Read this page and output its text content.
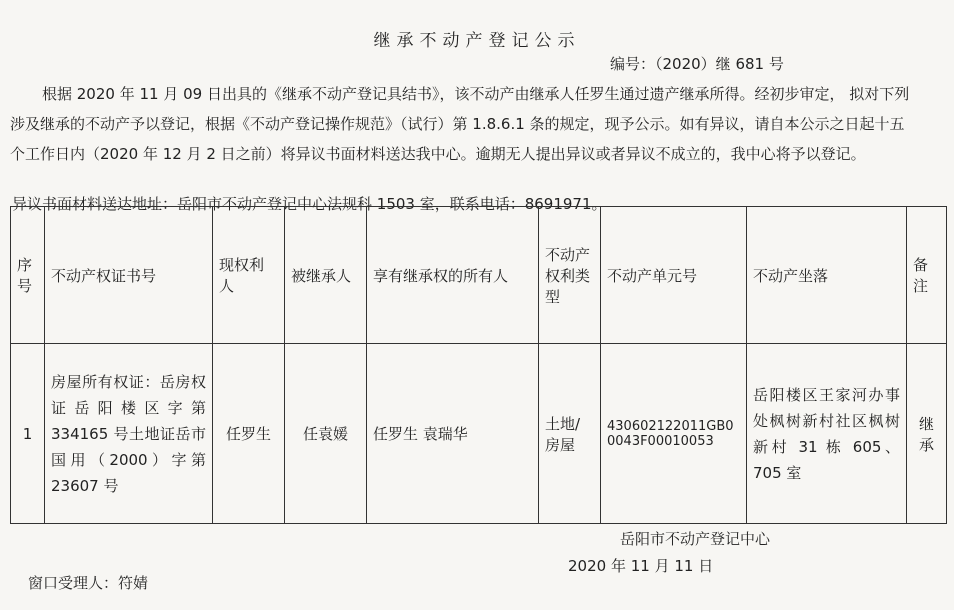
继承不动产登记公示
编号：（2020）继 681 号

根据 2020 年 11 月 09 日出具的《继承不动产登记具结书》，该不动产由继承人任罗生通过遗产继承所得。经初步审定， 拟对下列涉及继承的不动产予以登记，根据《不动产登记操作规范》（试行）第 1.8.6.1 条的规定，现予公示。如有异议，请自本公示之日起十五个工作日内（2020 年 12 月 2 日之前）将异议书面材料送达我中心。逾期无人提出异议或者异议不成立的，我中心将予以登记。

异议书面材料送达地址：岳阳市不动产登记中心法规科 1503 室，联系电话：8691971。
序号	不动产权证书号	现权利人	被继承人	享有继承权的所有人	不动产权利类型	不动产单元号	不动产坐落	备注
1	房屋所有权证：岳房权证岳阳楼区字第 334165 号土地证岳市国用（2000）字第 23607 号	任罗生	任袁媛	任罗生 袁瑞华	土地/房屋	430602122011GB00043F00010053	岳阳楼区王家河办事处枫树新村社区枫树新村 31 栋 605、705 室	继承
岳阳市不动产登记中心
2020 年 11 月 11 日
窗口受理人：符婧
